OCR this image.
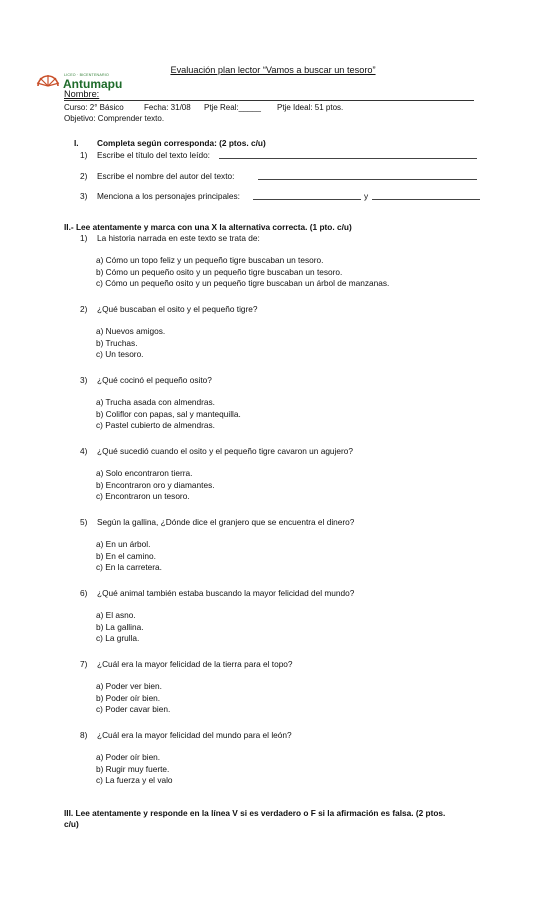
LICEO · BICENTENARIO
Antumapu
Evaluación plan lector “Vamos a buscar un tesoro”
Nombre:
Curso: 2° Básico	Fecha: 31/08 Ptje Real:_____ Ptje Ideal: 51 ptos.
Objetivo: Comprender texto.
I. Completa según corresponda: (2 ptos. c/u)
1) Escribe el título del texto leído:
2) Escribe el nombre del autor del texto:
3) Menciona a los personajes principales:	y
II.- Lee atentamente y marca con una X la alternativa correcta. (1 pto. c/u)
1) La historia narrada en este texto se trata de:
a) Cómo un topo feliz y un pequeño tigre buscaban un tesoro.
b) Cómo un pequeño osito y un pequeño tigre buscaban un tesoro.
c) Cómo un pequeño osito y un pequeño tigre buscaban un árbol de manzanas.
2) ¿Qué buscaban el osito y el pequeño tigre?
a) Nuevos amigos.
b) Truchas.
c) Un tesoro.
3) ¿Qué cocinó el pequeño osito?
a) Trucha asada con almendras.
b) Coliflor con papas, sal y mantequilla.
c) Pastel cubierto de almendras.
4) ¿Qué sucedió cuando el osito y el pequeño tigre cavaron un agujero?
a) Solo encontraron tierra.
b) Encontraron oro y diamantes.
c) Encontraron un tesoro.
5) Según la gallina, ¿Dónde dice el granjero que se encuentra el dinero?
a) En un árbol.
b) En el camino.
c) En la carretera.
6) ¿Qué animal también estaba buscando la mayor felicidad del mundo?
a) El asno.
b) La gallina.
c) La grulla.
7) ¿Cuál era la mayor felicidad de la tierra para el topo?
a) Poder ver bien.
b) Poder oír bien.
c) Poder cavar bien.
8) ¿Cuál era la mayor felicidad del mundo para el león?
a) Poder oír bien.
b) Rugir muy fuerte.
c) La fuerza y el valo
III. Lee atentamente y responde en la línea V si es verdadero o F si la afirmación es falsa. (2 ptos.
c/u)
